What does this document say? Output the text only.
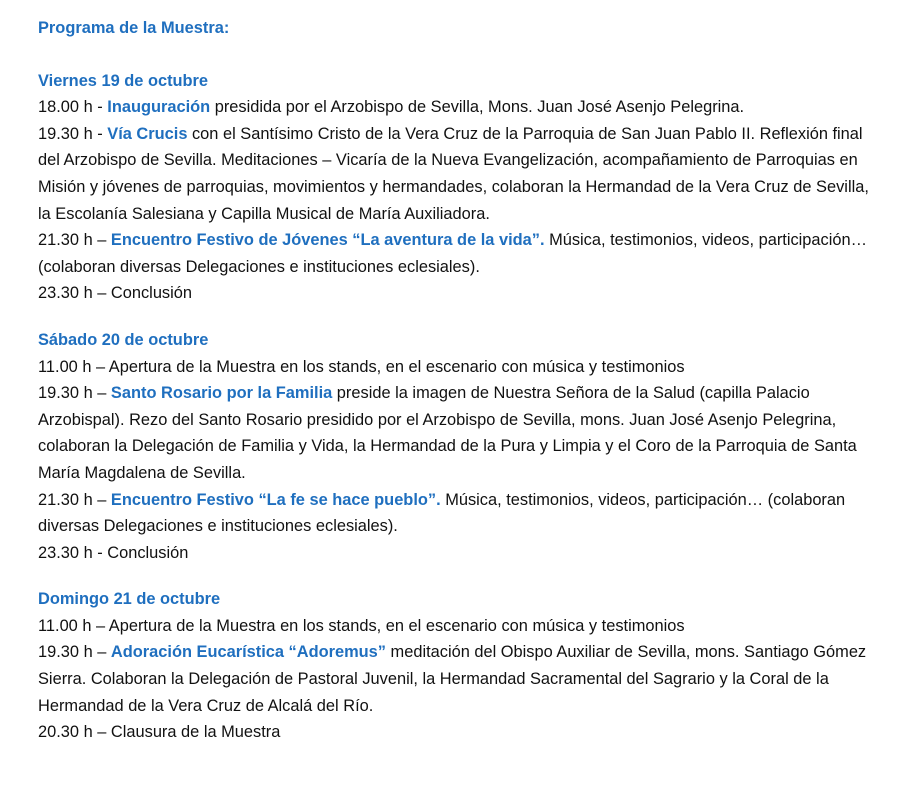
Programa de la Muestra:
Viernes 19 de octubre

18.00 h - Inauguración presidida por el Arzobispo de Sevilla, Mons. Juan José Asenjo Pelegrina.

19.30 h - Vía Crucis con el Santísimo Cristo de la Vera Cruz de la Parroquia de San Juan Pablo II. Reflexión final del Arzobispo de Sevilla. Meditaciones – Vicaría de la Nueva Evangelización, acompañamiento de Parroquias en Misión y jóvenes de parroquias, movimientos y hermandades, colaboran la Hermandad de la Vera Cruz de Sevilla, la Escolanía Salesiana y Capilla Musical de María Auxiliadora.

21.30 h – Encuentro Festivo de Jóvenes “La aventura de la vida”. Música, testimonios, videos, participación… (colaboran diversas Delegaciones e instituciones eclesiales).

23.30 h – Conclusión

Sábado 20 de octubre

11.00 h – Apertura de la Muestra en los stands, en el escenario con música y testimonios

19.30 h – Santo Rosario por la Familia preside la imagen de Nuestra Señora de la Salud (capilla Palacio Arzobispal). Rezo del Santo Rosario presidido por el Arzobispo de Sevilla, mons. Juan José Asenjo Pelegrina, colaboran la Delegación de Familia y Vida, la Hermandad de la Pura y Limpia y el Coro de la Parroquia de Santa María Magdalena de Sevilla.

21.30 h – Encuentro Festivo “La fe se hace pueblo”. Música, testimonios, videos, participación… (colaboran diversas Delegaciones e instituciones eclesiales).

23.30 h - Conclusión

Domingo 21 de octubre

11.00 h – Apertura de la Muestra en los stands, en el escenario con música y testimonios

19.30 h – Adoración Eucarística “Adoremus” meditación del Obispo Auxiliar de Sevilla, mons. Santiago Gómez Sierra. Colaboran la Delegación de Pastoral Juvenil, la Hermandad Sacramental del Sagrario y la Coral de la Hermandad de la Vera Cruz de Alcalá del Río.

20.30 h – Clausura de la Muestra
